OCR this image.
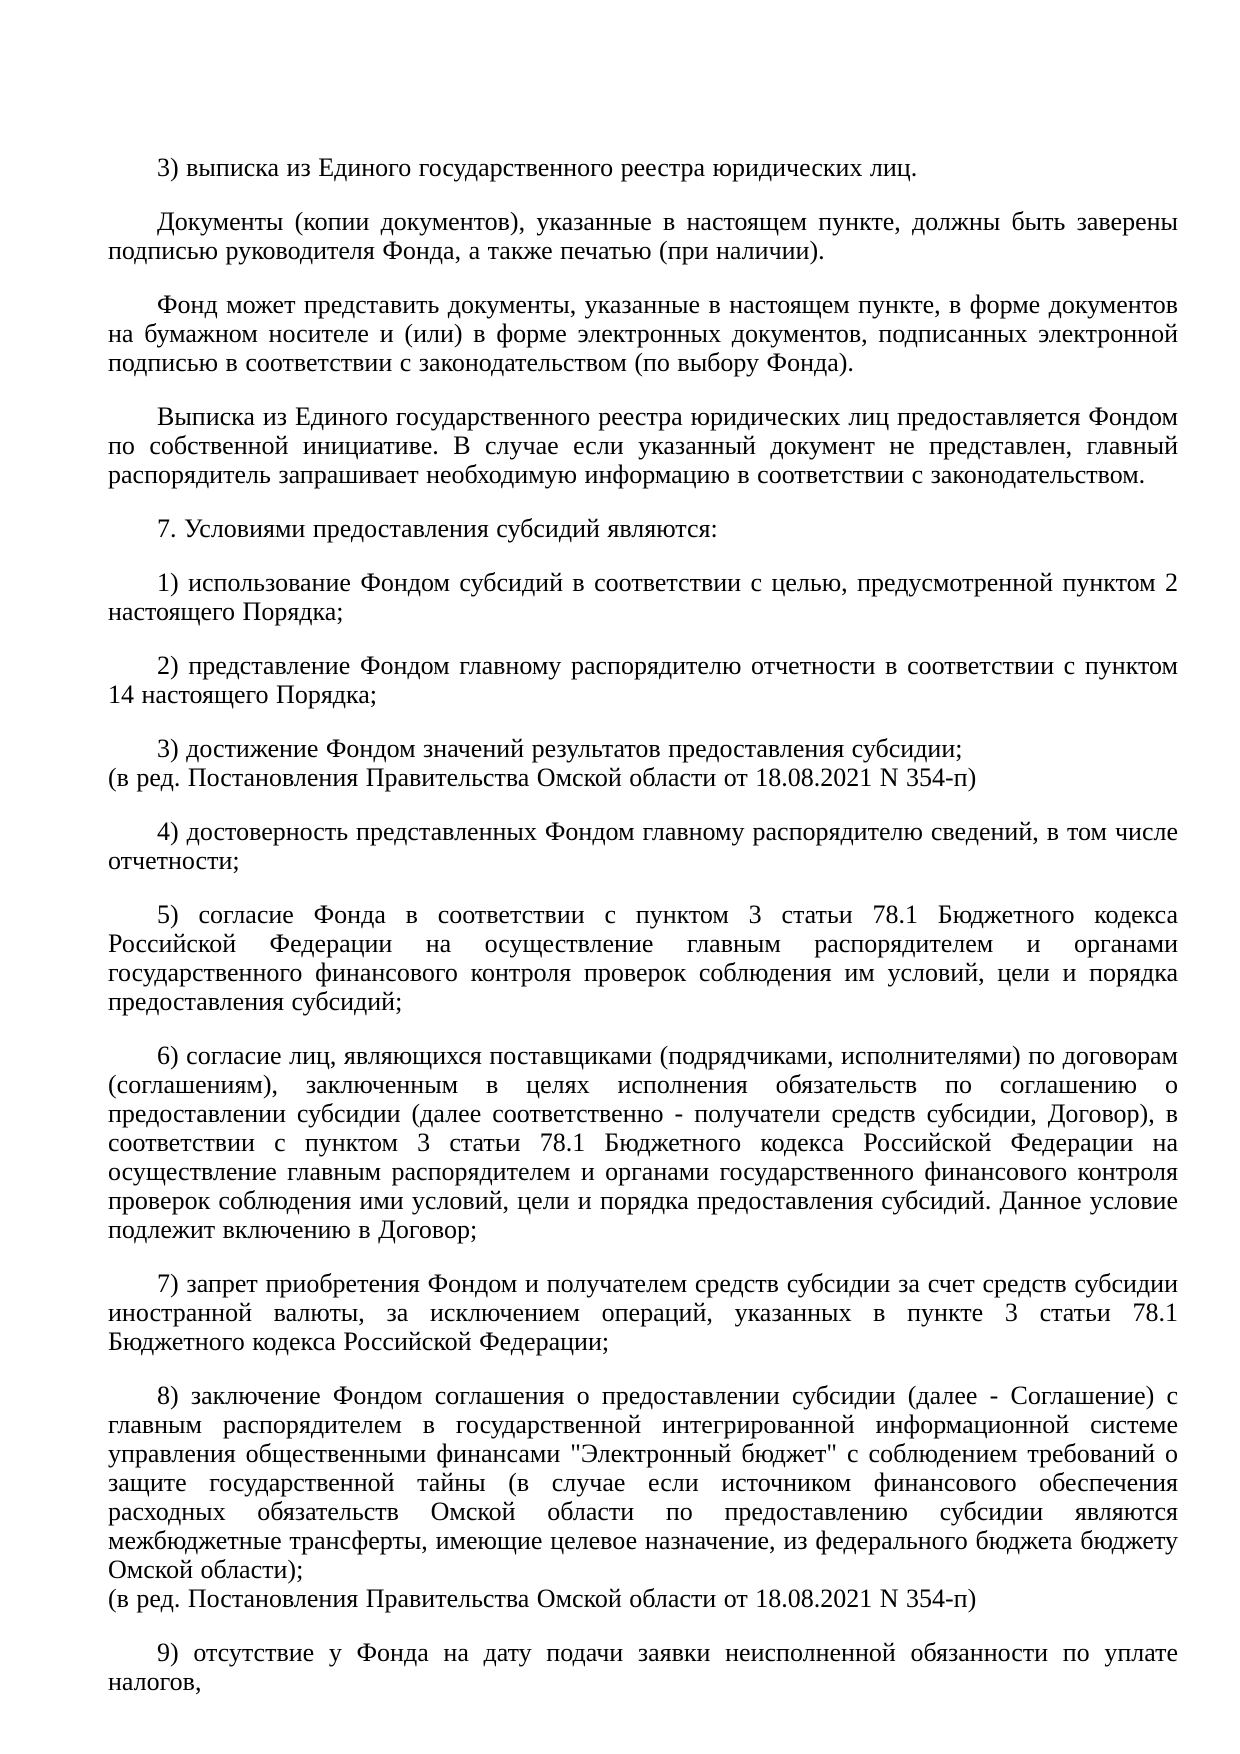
3) выписка из Единого государственного реестра юридических лиц.

Документы (копии документов), указанные в настоящем пункте, должны быть заверены подписью руководителя Фонда, а также печатью (при наличии).

Фонд может представить документы, указанные в настоящем пункте, в форме документов на бумажном носителе и (или) в форме электронных документов, подписанных электронной подписью в соответствии с законодательством (по выбору Фонда).

Выписка из Единого государственного реестра юридических лиц предоставляется Фондом по собственной инициативе. В случае если указанный документ не представлен, главный распорядитель запрашивает необходимую информацию в соответствии с законодательством.

7. Условиями предоставления субсидий являются:

1) использование Фондом субсидий в соответствии с целью, предусмотренной пунктом 2 настоящего Порядка;

2) представление Фондом главному распорядителю отчетности в соответствии с пунктом 14 настоящего Порядка;

3) достижение Фондом значений результатов предоставления субсидии;
(в ред. Постановления Правительства Омской области от 18.08.2021 N 354-п)

4) достоверность представленных Фондом главному распорядителю сведений, в том числе отчетности;

5) согласие Фонда в соответствии с пунктом 3 статьи 78.1 Бюджетного кодекса Российской Федерации на осуществление главным распорядителем и органами государственного финансового контроля проверок соблюдения им условий, цели и порядка предоставления субсидий;

6) согласие лиц, являющихся поставщиками (подрядчиками, исполнителями) по договорам (соглашениям), заключенным в целях исполнения обязательств по соглашению о предоставлении субсидии (далее соответственно - получатели средств субсидии, Договор), в соответствии с пунктом 3 статьи 78.1 Бюджетного кодекса Российской Федерации на осуществление главным распорядителем и органами государственного финансового контроля проверок соблюдения ими условий, цели и порядка предоставления субсидий. Данное условие подлежит включению в Договор;

7) запрет приобретения Фондом и получателем средств субсидии за счет средств субсидии иностранной валюты, за исключением операций, указанных в пункте 3 статьи 78.1 Бюджетного кодекса Российской Федерации;

8) заключение Фондом соглашения о предоставлении субсидии (далее - Соглашение) с главным распорядителем в государственной интегрированной информационной системе управления общественными финансами "Электронный бюджет" с соблюдением требований о защите государственной тайны (в случае если источником финансового обеспечения расходных обязательств Омской области по предоставлению субсидии являются межбюджетные трансферты, имеющие целевое назначение, из федерального бюджета бюджету Омской области);
(в ред. Постановления Правительства Омской области от 18.08.2021 N 354-п)

9) отсутствие у Фонда на дату подачи заявки неисполненной обязанности по уплате налогов,
